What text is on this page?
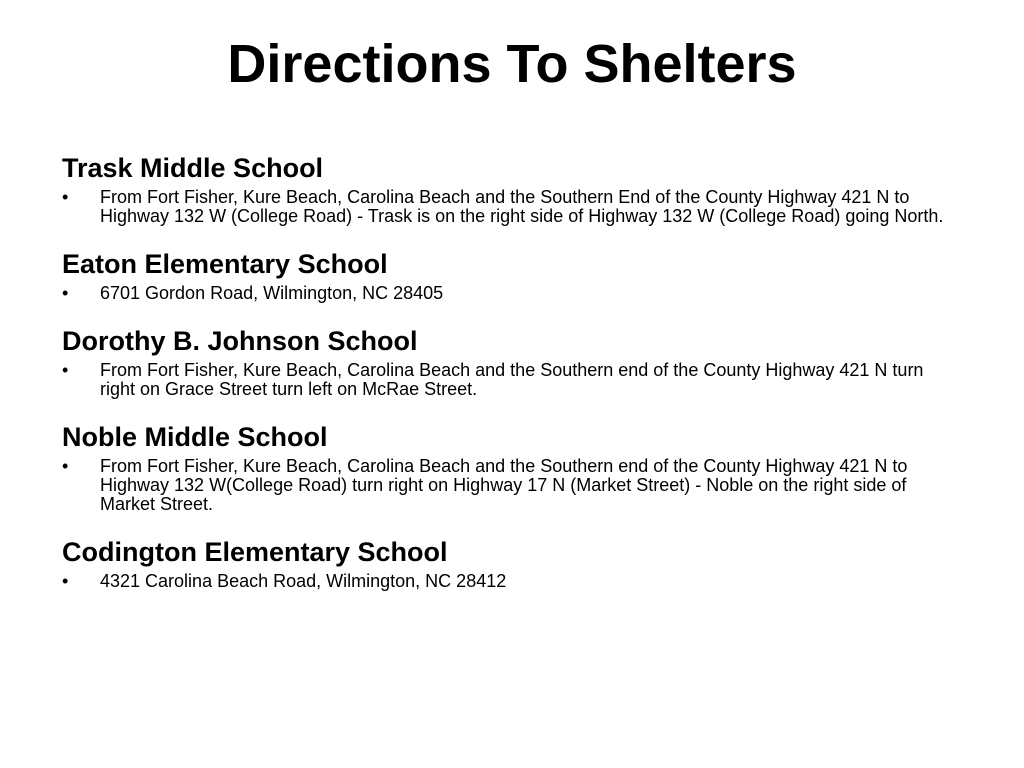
Directions To Shelters
Trask Middle School
•	From Fort Fisher, Kure Beach, Carolina Beach and the Southern End of the County Highway 421 N to Highway 132 W (College Road) - Trask is on the right side of Highway 132 W (College Road) going North.
Eaton Elementary School
•	6701 Gordon Road, Wilmington, NC 28405
Dorothy B. Johnson School
•	From Fort Fisher, Kure Beach, Carolina Beach and the Southern end of the County Highway 421 N turn right on Grace Street turn left on McRae Street.
Noble Middle School
•	From Fort Fisher, Kure Beach, Carolina Beach and the Southern end of the County Highway 421 N to Highway 132 W(College Road) turn right on Highway 17 N (Market Street) - Noble on the right side of Market Street.
Codington Elementary School
•	4321 Carolina Beach Road, Wilmington, NC 28412
